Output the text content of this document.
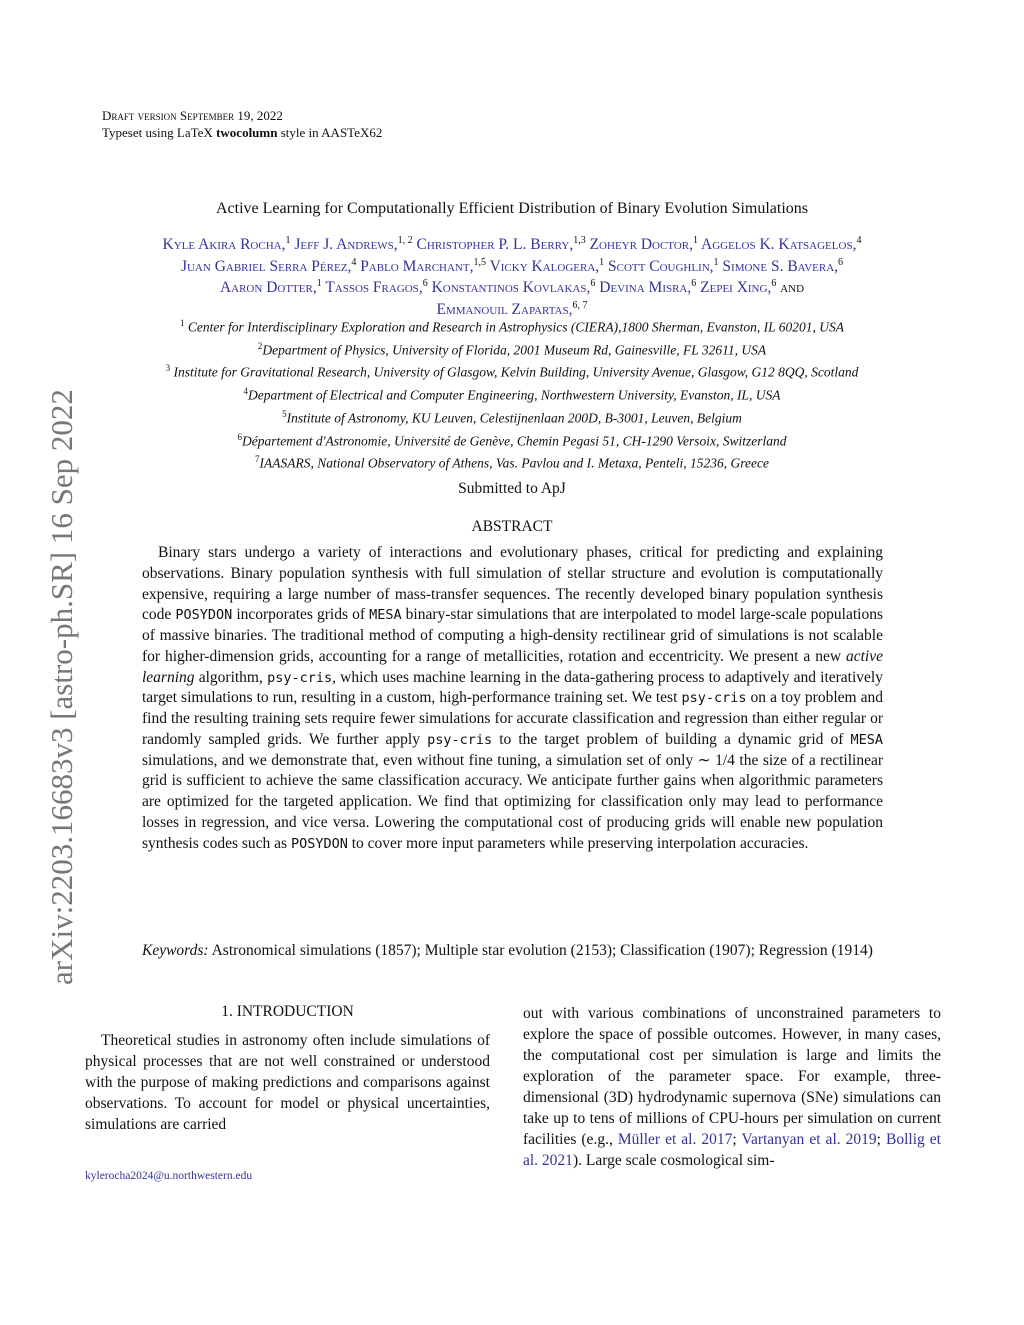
Draft version September 19, 2022
Typeset using LaTeX twocolumn style in AASTeX62
Active Learning for Computationally Efficient Distribution of Binary Evolution Simulations
Kyle Akira Rocha,$^1$ Jeff J. Andrews,$^{1, 2}$ Christopher P. L. Berry,$^{1,3}$ Zoheyr Doctor,$^1$ Aggelos K. Katsagelos,$^4$
Juan Gabriel Serra Pérez,$^4$ Pablo Marchant,$^{1,5}$ Vicky Kalogera,$^1$ Scott Coughlin,$^1$ Simone S. Bavera,$^6$
Aaron Dotter,$^1$ Tassos Fragos,$^6$ Konstantinos Kovlakas,$^6$ Devina Misra,$^6$ Zepei Xing,$^6$ and
Emmanouil Zapartas,$^{6, 7}$
$^1$ Center for Interdisciplinary Exploration and Research in Astrophysics (CIERA),1800 Sherman, Evanston, IL 60201, USA
$^2$Department of Physics, University of Florida, 2001 Museum Rd, Gainesville, FL 32611, USA
$^3$ Institute for Gravitational Research, University of Glasgow, Kelvin Building, University Avenue, Glasgow, G12 8QQ, Scotland
$^4$Department of Electrical and Computer Engineering, Northwestern University, Evanston, IL, USA
$^5$Institute of Astronomy, KU Leuven, Celestijnenlaan 200D, B-3001, Leuven, Belgium
$^6$Département d'Astronomie, Université de Genève, Chemin Pegasi 51, CH-1290 Versoix, Switzerland
$^7$IAASARS, National Observatory of Athens, Vas. Pavlou and I. Metaxa, Penteli, 15236, Greece
Submitted to ApJ
ABSTRACT
Binary stars undergo a variety of interactions and evolutionary phases, critical for predicting and explaining observations. Binary population synthesis with full simulation of stellar structure and evolution is computationally expensive, requiring a large number of mass-transfer sequences. The recently developed binary population synthesis code POSYDON incorporates grids of MESA binary-star simulations that are interpolated to model large-scale populations of massive binaries. The traditional method of computing a high-density rectilinear grid of simulations is not scalable for higher-dimension grids, accounting for a range of metallicities, rotation and eccentricity. We present a new active learning algorithm, psy-cris, which uses machine learning in the data-gathering process to adaptively and iteratively target simulations to run, resulting in a custom, high-performance training set. We test psy-cris on a toy problem and find the resulting training sets require fewer simulations for accurate classification and regression than either regular or randomly sampled grids. We further apply psy-cris to the target problem of building a dynamic grid of MESA simulations, and we demonstrate that, even without fine tuning, a simulation set of only ∼ 1/4 the size of a rectilinear grid is sufficient to achieve the same classification accuracy. We anticipate further gains when algorithmic parameters are optimized for the targeted application. We find that optimizing for classification only may lead to performance losses in regression, and vice versa. Lowering the computational cost of producing grids will enable new population synthesis codes such as POSYDON to cover more input parameters while preserving interpolation accuracies.
Keywords: Astronomical simulations (1857); Multiple star evolution (2153); Classification (1907); Regression (1914)
1. INTRODUCTION
Theoretical studies in astronomy often include simulations of physical processes that are not well constrained or understood with the purpose of making predictions and comparisons against observations. To account for model or physical uncertainties, simulations are carried
out with various combinations of unconstrained parameters to explore the space of possible outcomes. However, in many cases, the computational cost per simulation is large and limits the exploration of the parameter space. For example, three-dimensional (3D) hydrodynamic supernova (SNe) simulations can take up to tens of millions of CPU-hours per simulation on current facilities (e.g., Müller et al. 2017; Vartanyan et al. 2019; Bollig et al. 2021). Large scale cosmological sim-
kylerocha2024@u.northwestern.edu
arXiv:2203.16683v3 [astro-ph.SR] 16 Sep 2022
